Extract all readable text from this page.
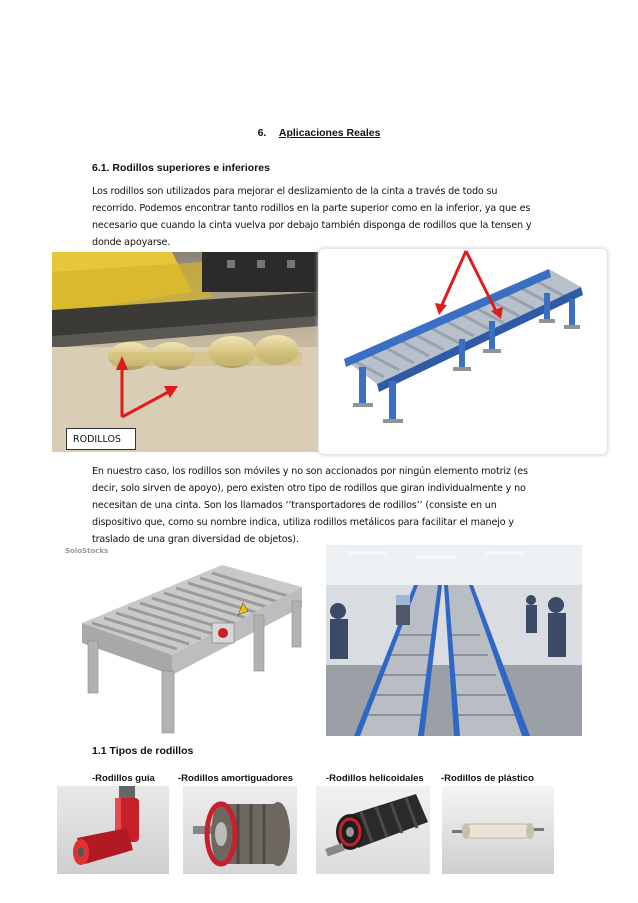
6. Aplicaciones Reales
6.1. Rodillos superiores e inferiores
Los rodillos son utilizados para mejorar el deslizamiento de la cinta a través de todo su
recorrido. Podemos encontrar tanto rodillos en la parte superior como en la inferior, ya que es
necesario que cuando la cinta vuelva por debajo también disponga de rodillos que la tensen y
donde apoyarse.
RODILLOS
En nuestro caso, los rodillos son móviles y no son accionados por ningún elemento motriz (es
decir, solo sirven de apoyo), pero existen otro tipo de rodillos que giran individualmente y no
necesitan de una cinta. Son los llamados ‘’transportadores de rodillos’’ (consiste en un
dispositivo que, como su nombre indica, utiliza rodillos metálicos para facilitar el manejo y
traslado de una gran diversidad de objetos).
SoloStocks
1.1 Tipos de rodillos
-Rodillos guía -Rodillos amortiguadores	-Rodillos helicoidales -Rodillos de plástico
